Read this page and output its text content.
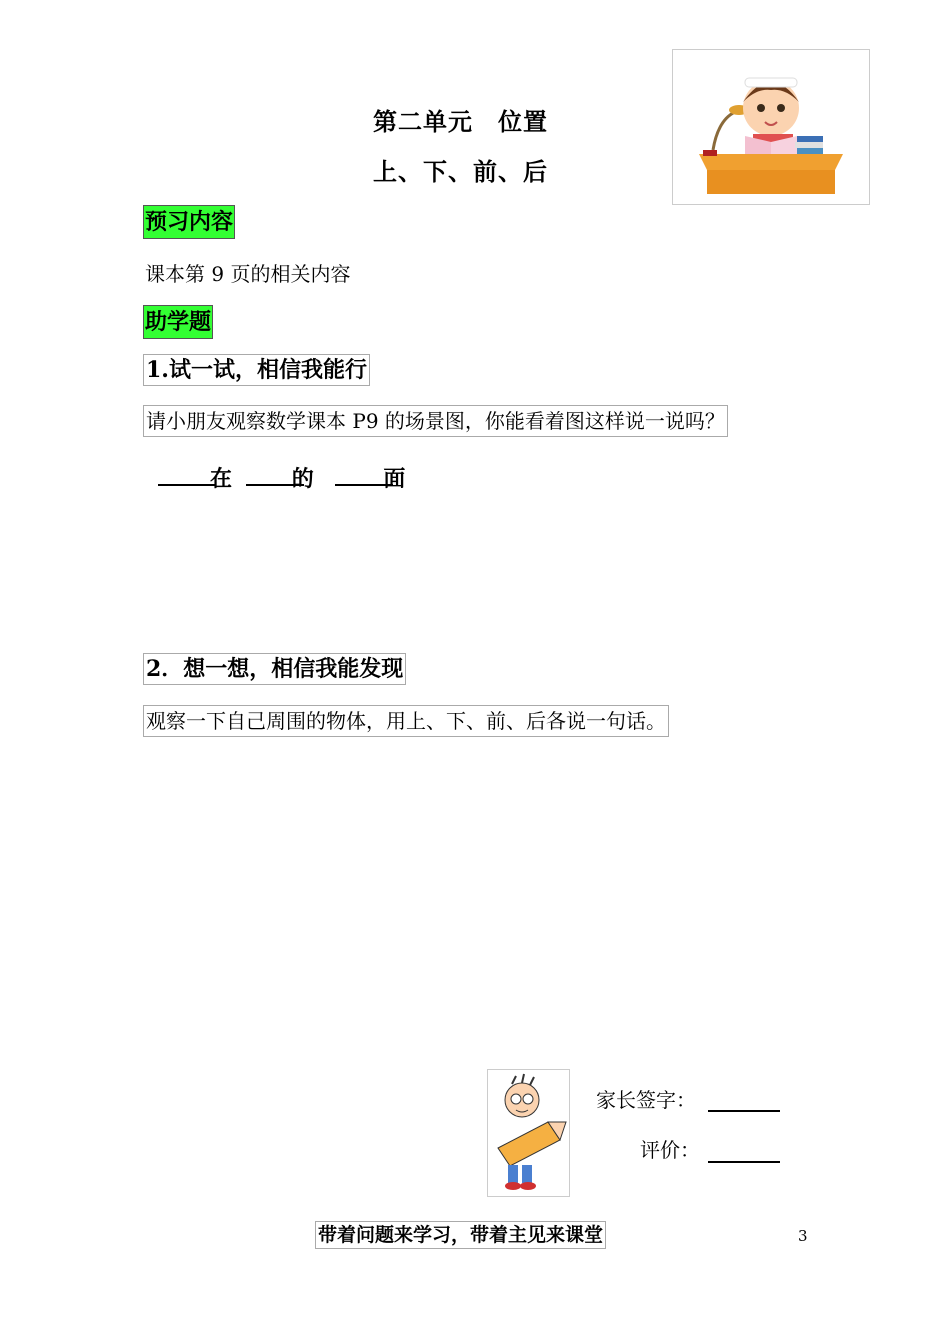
第二单元　位置
上、下、前、后
预习内容
课本第 9 页的相关内容
助学题
1.试一试，相信我能行
请小朋友观察数学课本 P9 的场景图，你能看着图这样说一说吗？
在	的	面
2．想一想，相信我能发现
观察一下自己周围的物体，用上、下、前、后各说一句话。
家长签字：
评价：
带着问题来学习，带着主见来课堂	3
